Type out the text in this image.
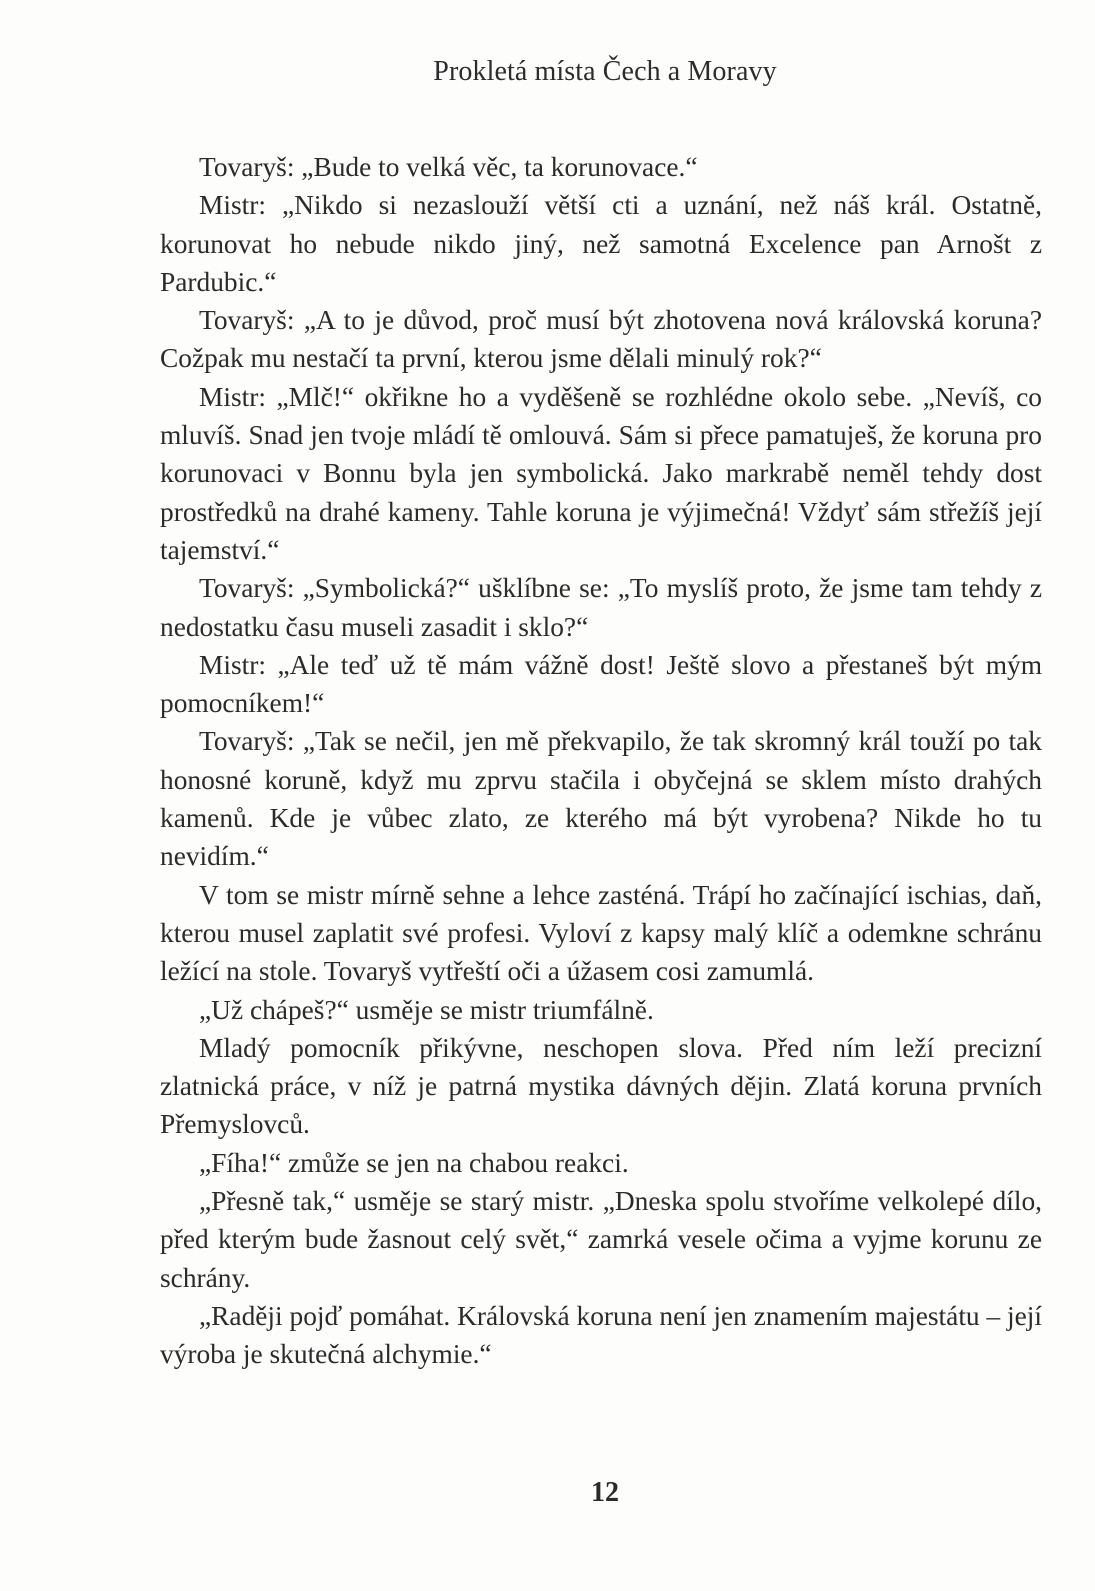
Prokletá místa Čech a Moravy

Tovaryš: „Bude to velká věc, ta korunovace.“

Mistr: „Nikdo si nezaslouží větší cti a uznání, než náš král. Ostatně, korunovat ho nebude nikdo jiný, než samotná Excelence pan Arnošt z Pardubic.“

Tovaryš: „A to je důvod, proč musí být zhotovena nová královská koruna? Cožpak mu nestačí ta první, kterou jsme dělali minulý rok?“

Mistr: „Mlč!“ okřikne ho a vyděšeně se rozhlédne okolo sebe. „Nevíš, co mluvíš. Snad jen tvoje mládí tě omlouvá. Sám si přece pamatuješ, že koruna pro korunovaci v Bonnu byla jen symbolická. Jako markrabě neměl tehdy dost prostředků na drahé kameny. Tahle koruna je výjimečná! Vždyť sám střežíš její tajemství.“

Tovaryš: „Symbolická?“ ušklíbne se: „To myslíš proto, že jsme tam tehdy z nedostatku času museli zasadit i sklo?“

Mistr: „Ale teď už tě mám vážně dost! Ještě slovo a přestaneš být mým pomocníkem!“

Tovaryš: „Tak se nečil, jen mě překvapilo, že tak skromný král touží po tak honosné koruně, když mu zprvu stačila i obyčejná se sklem místo drahých kamenů. Kde je vůbec zlato, ze kterého má být vyrobena? Nikde ho tu nevidím.“

V tom se mistr mírně sehne a lehce zasténá. Trápí ho začínající ischias, daň, kterou musel zaplatit své profesi. Vyloví z kapsy malý klíč a odemkne schránu ležící na stole. Tovaryš vytřeští oči a úžasem cosi zamumlá.

„Už chápeš?“ usměje se mistr triumfálně.

Mladý pomocník přikývne, neschopen slova. Před ním leží precizní zlatnická práce, v níž je patrná mystika dávných dějin. Zlatá koruna prvních Přemyslovců.

„Fíha!“ zmůže se jen na chabou reakci.

„Přesně tak,“ usměje se starý mistr. „Dneska spolu stvoříme velkolepé dílo, před kterým bude žasnout celý svět,“ zamrká vesele očima a vyjme korunu ze schrány.

„Raději pojď pomáhat. Královská koruna není jen znamením majestátu – její výroba je skutečná alchymie.“

12
